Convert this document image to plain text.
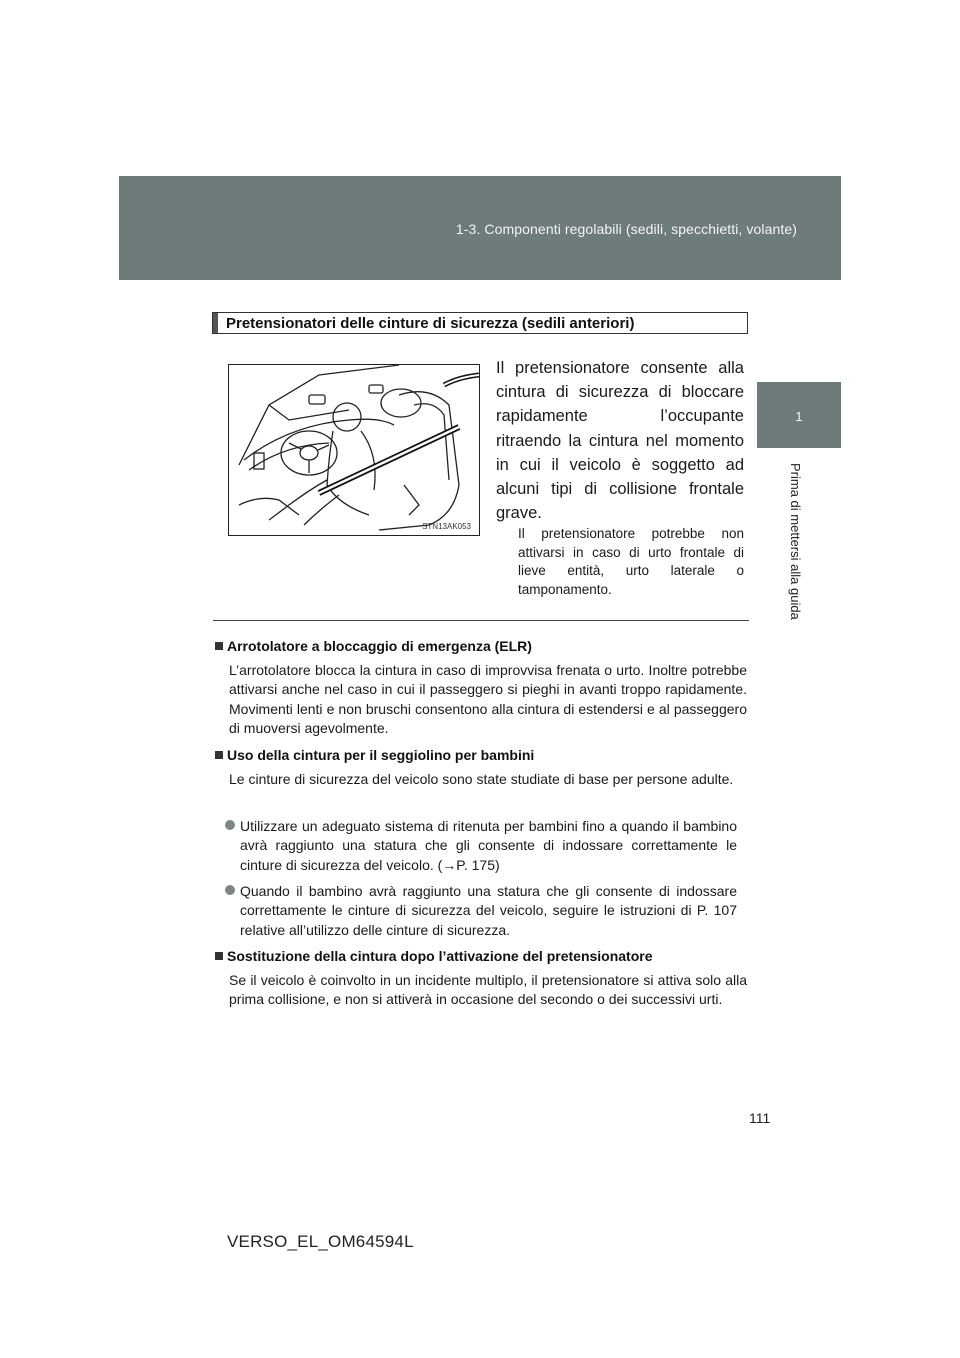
1-3. Componenti regolabili (sedili, specchietti, volante)
1
Prima di mettersi alla guida
Pretensionatori delle cinture di sicurezza (sedili anteriori)
STN13AK053
Il pretensionatore consente alla cintura di sicurezza di bloccare rapidamente l’occupante ritraendo la cintura nel momento in cui il veicolo è soggetto ad alcuni tipi di collisione frontale grave.
Il pretensionatore potrebbe non attivarsi in caso di urto frontale di lieve entità, urto laterale o tamponamento.
Arrotolatore a bloccaggio di emergenza (ELR)
L’arrotolatore blocca la cintura in caso di improvvisa frenata o urto. Inoltre potrebbe attivarsi anche nel caso in cui il passeggero si pieghi in avanti troppo rapidamente. Movimenti lenti e non bruschi consentono alla cintura di estendersi e al passeggero di muoversi agevolmente.
Uso della cintura per il seggiolino per bambini
Le cinture di sicurezza del veicolo sono state studiate di base per persone adulte.
Utilizzare un adeguato sistema di ritenuta per bambini fino a quando il bambino avrà raggiunto una statura che gli consente di indossare correttamente le cinture di sicurezza del veicolo. (→P. 175)
Quando il bambino avrà raggiunto una statura che gli consente di indossare correttamente le cinture di sicurezza del veicolo, seguire le istruzioni di P. 107 relative all’utilizzo delle cinture di sicurezza.
Sostituzione della cintura dopo l’attivazione del pretensionatore
Se il veicolo è coinvolto in un incidente multiplo, il pretensionatore si attiva solo alla prima collisione, e non si attiverà in occasione del secondo o dei successivi urti.
111
VERSO_EL_OM64594L
